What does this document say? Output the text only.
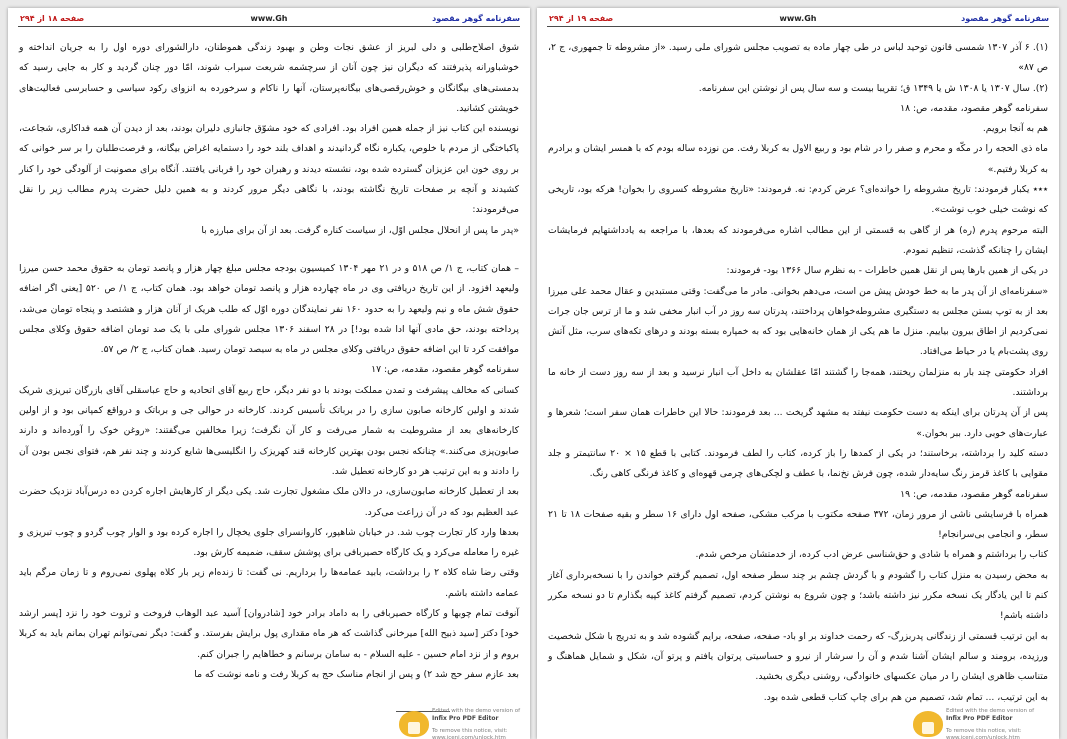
سفرنامه گوهر مقصود
www.Gh
صفحه ۱۸ از ۲۹۴

شوق اصلاح‌طلبی و دلی لبریز از عشق نجات وطن و بهبود زندگی هموطنان، دارالشورای دوره اول را به جریان انداخته و خوشباورانه پذیرفتند که دیگران نیز چون آنان از سرچشمه شریعت سیراب شوند، امّا دور چنان گردید و کار به جایی رسید که بدمستی‌های بیگانگان و خوش‌رقصی‌های بیگانه‌پرستان، آنها را ناکام و سرخورده به انزوای رکود سیاسی و حسابرسی فعالیت‌های خویشتن کشانید.

نویسنده این کتاب نیز از جمله همین افراد بود. افرادی که خود مشوّق جانبازی دلیران بودند، بعد از دیدن آن همه فداکاری، شجاعت، پاکباختگی از مردم با خلوص، یکباره نگاه گردانیدند و اهداف بلند خود را دستمایه اغراض بیگانه، و فرصت‌طلبان را بر سر خوانی که بر روی خون این عزیزان گسترده شده بود، نشسته دیدند و رهبران خود را قربانی یافتند. آنگاه برای مصونیت از آلودگی خود را کنار کشیدند و آنچه بر صفحات تاریخ نگاشته بودند، با نگاهی دیگر مرور کردند و به همین دلیل حضرت پدرم مطالب زیر را نقل می‌فرمودند:

«پدر ما پس از انحلال مجلس اوّل، از سیاست کناره گرفت. بعد از آن برای مبارزه با

– همان کتاب، ج ۱/ ص ۵۱۸ و در ۲۱ مهر ۱۳۰۴ کمیسیون بودجه مجلس مبلغ چهار هزار و پانصد تومان به حقوق محمد حسن میرزا ولیعهد افزود. از این تاریخ دریافتی وی در ماه چهارده هزار و پانصد تومان خواهد بود. همان کتاب، ج ۱/ ص ۵۲۰ [یعنی اگر اضافه حقوق شش ماه و نیم ولیعهد را به حدود ۱۶۰ نفر نمایندگان دوره اوّل که طلب هریک از آنان هزار و هشتصد و پنجاه تومان می‌شد، پرداخته بودند، حق مادی آنها ادا شده بود!] در ۲۸ اسفند ۱۳۰۶ مجلس شورای ملی با یک صد تومان اضافه حقوق وکلای مجلس موافقت کرد تا این اضافه حقوق دریافتی وکلای مجلس در ماه به سیصد تومان رسید. همان کتاب، ج ۲/ ص ۵۷.

سفرنامه گوهر مقصود، مقدمه، ص: ۱۷

کسانی که مخالف پیشرفت و تمدن مملکت بودند با دو نفر دیگر، حاج ربیع آقای اتحادیه و حاج عباسقلی آقای بازرگان تبریزی شریک شدند و اولین کارخانه صابون سازی را در برباتک تأسیس کردند. کارخانه در حوالی جی و برباتک و درواقع کمپانی بود و از اولین کارخانه‌های بعد از مشروطیت به شمار می‌رفت و کار آن نگرفت؛ زیرا مخالفین می‌گفتند: «روغن خوک را آورده‌اند و دارند صابون‌پزی می‌کنند.» چنانکه نجس بودن بهترین کارخانه قند کهریزک را انگلیسی‌ها شایع کردند و چند نفر هم، فتوای نجس بودن آن را دادند و به این ترتیب هر دو کارخانه تعطیل شد.

بعد از تعطیل کارخانه صابون‌سازی، در دالان ملک مشغول تجارت شد. یکی دیگر از کارهایش اجاره کردن ده درس‌آباد نزدیک حضرت عبد العظیم بود که در آن زراعت می‌کرد.

بعدها وارد کار تجارت چوب شد. در خیابان شاهپور، کاروانسرای جلوی یخچال را اجاره کرده بود و الوار چوب گردو و چوب تبریزی و غیره را معامله می‌کرد و یک کارگاه حصیربافی برای پوشش سقف، ضمیمه کارش بود.

وقتی رضا شاه کلاه ۲ را برداشت، بابید عمامه‌ها را برداریم. نی گفت: تا زنده‌ام زیر بار کلاه پهلوی نمی‌روم و تا زمان مرگم باید عمامه داشته باشم.

آنوقت تمام چوبها و کارگاه حصیربافی را به داماد برادر خود [شادروان] آسید عبد الوهاب فروخت و ثروت خود را نزد [پسر ارشد خود] دکتر [سید ذبیح الله] میرخانی گذاشت که هر ماه مقداری پول برایش بفرستد. و گفت: دیگر نمی‌توانم تهران بمانم باید به کربلا بروم و از نزد امام حسین - علیه السلام - به سامان برسانم و خطاهایم را جبران کنم.

بعد عازم سفر حج شد ۲) و پس از انجام مناسک حج به کربلا رفت و نامه نوشت که ما

Edited with the demo version of
Infix Pro PDF Editor
To remove this notice, visit:
www.iceni.com/unlock.htm
سفرنامه گوهر مقصود
www.Gh
صفحه ۱۹ از ۲۹۴

(۱). ۶ آذر ۱۳۰۷ شمسی قانون توحید لباس در طی چهار ماده به تصویب مجلس شورای ملی رسید. «از مشروطه تا جمهوری، ج ۲، ص ۸۷»

(۲). سال ۱۳۰۷ یا ۱۳۰۸ ش یا ۱۳۴۹ ق؛ تقریبا بیست و سه سال پس از نوشتن این سفرنامه.

سفرنامه گوهر مقصود، مقدمه، ص: ۱۸

هم به آنجا برویم.

ماه ذی الحجه را در مکّه و محرم و صفر را در شام بود و ربیع الاول به کربلا رفت. من نوزده ساله بودم که با همسر ایشان و برادرم به کربلا رفتیم.»

٭٭٭ یکبار فرمودند: تاریخ مشروطه را خوانده‌ای؟ عرض کردم: نه. فرمودند: «تاریخ مشروطه کسروی را بخوان! هرکه بود، تاریخی که نوشت خیلی خوب نوشت».

البته مرحوم پدرم (ره) هر از گاهی به قسمتی از این مطالب اشاره می‌فرمودند که بعدها، با مراجعه به یادداشتهایم فرمایشات ایشان را چنانکه گذشت، تنظیم نمودم.

در یکی از همین بارها پس از نقل همین خاطرات - به نظرم سال ۱۳۶۶ بود- فرمودند:

«سفرنامه‌ای از آن پدر ما به خط خودش پیش من است، می‌دهم بخوانی. مادر ما می‌گفت: وقتی مستبدین و عقال محمد علی میرزا بعد از به توپ بستن مجلس به دستگیری مشروطه‌خواهان پرداختند، پدرتان سه روز در آب انبار مخفی شد و ما از ترس جان جرات نمی‌کردیم از اطاق بیرون بیاییم. منزل ما هم یکی از همان خانه‌هایی بود که به خمپاره بسته بودند و درهای تکه‌های سرب، مثل آتش روی پشت‌بام یا در حیاط می‌افتاد.

افراد حکومتی چند بار به منزلمان ریختند، همه‌جا را گشتند امّا عقلشان به داخل آب انبار نرسید و بعد از سه روز دست از خانه ما برداشتند.

پس از آن پدرتان برای اینکه به دست حکومت نیفتد به مشهد گریخت ... بعد فرمودند: حالا این خاطرات همان سفر است؛ شعرها و عبارت‌های خوبی دارد. ببر بخوان.»

دسته کلید را برداشته، برخاستند؛ در یکی از کمدها را باز کرده، کتاب را لطف فرمودند. کتابی با قطع ۱۵ × ۲۰ سانتیمتر و جلد مقوایی با کاغذ قرمز رنگ سایه‌دار شده، چون فرش نخ‌نما، با عطف و لچکی‌های چرمی قهوه‌ای و کاغذ فرنگی کاهی رنگ.

سفرنامه گوهر مقصود، مقدمه، ص: ۱۹

همراه با فرسایشی ناشی از مرور زمان، ۳۷۲ صفحه مکتوب با مرکب مشکی، صفحه اول دارای ۱۶ سطر و بقیه صفحات ۱۸ تا ۲۱ سطر، و انجامی بی‌سرانجام!

کتاب را برداشتم و همراه با شادی و حق‌شناسی عرض ادب کرده، از خدمتشان مرخص شدم.

به محض رسیدن به منزل کتاب را گشودم و با گردش چشم بر چند سطر صفحه اول، تصمیم گرفتم خواندن را با نسخه‌برداری آغاز کنم تا این یادگار یک نسخه مکرر نیز داشته باشد؛ و چون شروع به نوشتن کردم، تصمیم گرفتم کاغذ کپیه بگذارم تا دو نسخه مکرر داشته باشم!

به این ترتیب قسمتی از زندگانی پدربزرگ- که رحمت خداوند بر او باد- صفحه، صفحه، برایم گشوده شد و به تدریج با شکل شخصیت ورزیده، برومند و سالم ایشان آشنا شدم و آن را سرشار از نیرو و حساسیتی پرتوان یافتم و پرتو آن، شکل و شمایل هماهنگ و متناسب ظاهری ایشان را در میان عکسهای خانوادگی، روشنی دیگری بخشید.

به این ترتیب، ... تمام شد، تصمیم من هم برای چاپ کتاب قطعی شده بود.

Edited with the demo version of
Infix Pro PDF Editor
To remove this notice, visit:
www.iceni.com/unlock.htm
